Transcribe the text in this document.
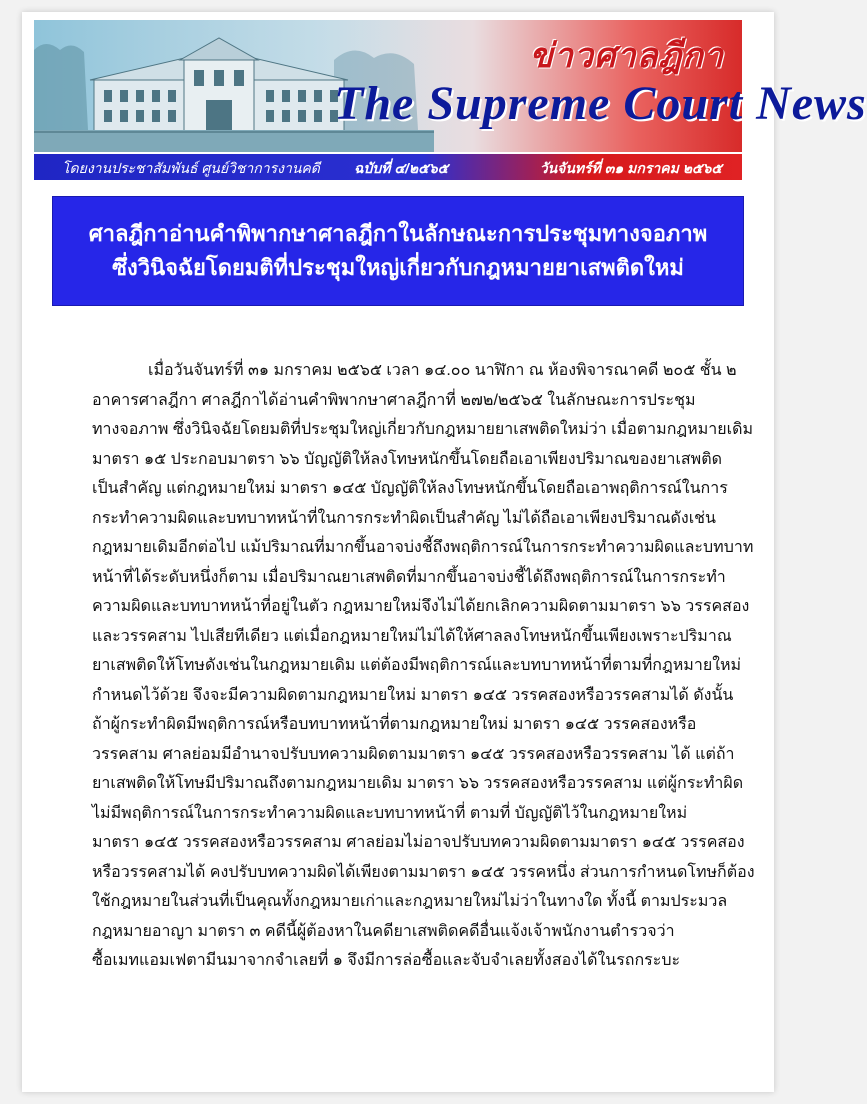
ข่าวศาลฎีกา
The Supreme Court News
โดยงานประชาสัมพันธ์ ศูนย์วิชาการงานคดี ฉบับที่ ๔/๒๕๖๕	วันจันทร์ที่ ๓๑ มกราคม ๒๕๖๕
ศาลฎีกาอ่านคำพิพากษาศาลฎีกาในลักษณะการประชุมทางจอภาพ
ซึ่งวินิจฉัยโดยมติที่ประชุมใหญ่เกี่ยวกับกฎหมายยาเสพติดใหม่

เมื่อวันจันทร์ที่ ๓๑ มกราคม ๒๕๖๕ เวลา ๑๔.๐๐ นาฬิกา ณ ห้องพิจารณาคดี ๒๐๕ ชั้น ๒

อาคารศาลฎีกา ศาลฎีกาได้อ่านคำพิพากษาศาลฎีกาที่ ๒๗๒/๒๕๖๕ ในลักษณะการประชุม

ทางจอภาพ ซึ่งวินิจฉัยโดยมติที่ประชุมใหญ่เกี่ยวกับกฎหมายยาเสพติดใหม่ว่า เมื่อตามกฎหมายเดิม

มาตรา ๑๕ ประกอบมาตรา ๖๖ บัญญัติให้ลงโทษหนักขึ้นโดยถือเอาเพียงปริมาณของยาเสพติด

เป็นสำคัญ แต่กฎหมายใหม่ มาตรา ๑๔๕ บัญญัติให้ลงโทษหนักขึ้นโดยถือเอาพฤติการณ์ในการ

กระทำความผิดและบทบาทหน้าที่ในการกระทำผิดเป็นสำคัญ ไม่ได้ถือเอาเพียงปริมาณดังเช่น

กฎหมายเดิมอีกต่อไป แม้ปริมาณที่มากขึ้นอาจบ่งชี้ถึงพฤติการณ์ในการกระทำความผิดและบทบาท

หน้าที่ได้ระดับหนึ่งก็ตาม เมื่อปริมาณยาเสพติดที่มากขึ้นอาจบ่งชี้ได้ถึงพฤติการณ์ในการกระทำ

ความผิดและบทบาทหน้าที่อยู่ในตัว กฎหมายใหม่จึงไม่ได้ยกเลิกความผิดตามมาตรา ๖๖ วรรคสอง

และวรรคสาม ไปเสียทีเดียว แต่เมื่อกฎหมายใหม่ไม่ได้ให้ศาลลงโทษหนักขึ้นเพียงเพราะปริมาณ

ยาเสพติดให้โทษดังเช่นในกฎหมายเดิม แต่ต้องมีพฤติการณ์และบทบาทหน้าที่ตามที่กฎหมายใหม่

กำหนดไว้ด้วย จึงจะมีความผิดตามกฎหมายใหม่ มาตรา ๑๔๕ วรรคสองหรือวรรคสามได้ ดังนั้น

ถ้าผู้กระทำผิดมีพฤติการณ์หรือบทบาทหน้าที่ตามกฎหมายใหม่ มาตรา ๑๔๕ วรรคสองหรือ

วรรคสาม ศาลย่อมมีอำนาจปรับบทความผิดตามมาตรา ๑๔๕ วรรคสองหรือวรรคสาม ได้ แต่ถ้า

ยาเสพติดให้โทษมีปริมาณถึงตามกฎหมายเดิม มาตรา ๖๖ วรรคสองหรือวรรคสาม แต่ผู้กระทำผิด

ไม่มีพฤติการณ์ในการกระทำความผิดและบทบาทหน้าที่ ตามที่ บัญญัติไว้ในกฎหมายใหม่

มาตรา ๑๔๕ วรรคสองหรือวรรคสาม ศาลย่อมไม่อาจปรับบทความผิดตามมาตรา ๑๔๕ วรรคสอง

หรือวรรคสามได้ คงปรับบทความผิดได้เพียงตามมาตรา ๑๔๕ วรรคหนึ่ง ส่วนการกำหนดโทษก็ต้อง

ใช้กฎหมายในส่วนที่เป็นคุณทั้งกฎหมายเก่าและกฎหมายใหม่ไม่ว่าในทางใด ทั้งนี้ ตามประมวล

กฎหมายอาญา มาตรา ๓ คดีนี้ผู้ต้องหาในคดียาเสพติดคดีอื่นแจ้งเจ้าพนักงานตำรวจว่า

ซื้อเมทแอมเฟตามีนมาจากจำเลยที่ ๑ จึงมีการล่อซื้อและจับจำเลยทั้งสองได้ในรถกระบะ
